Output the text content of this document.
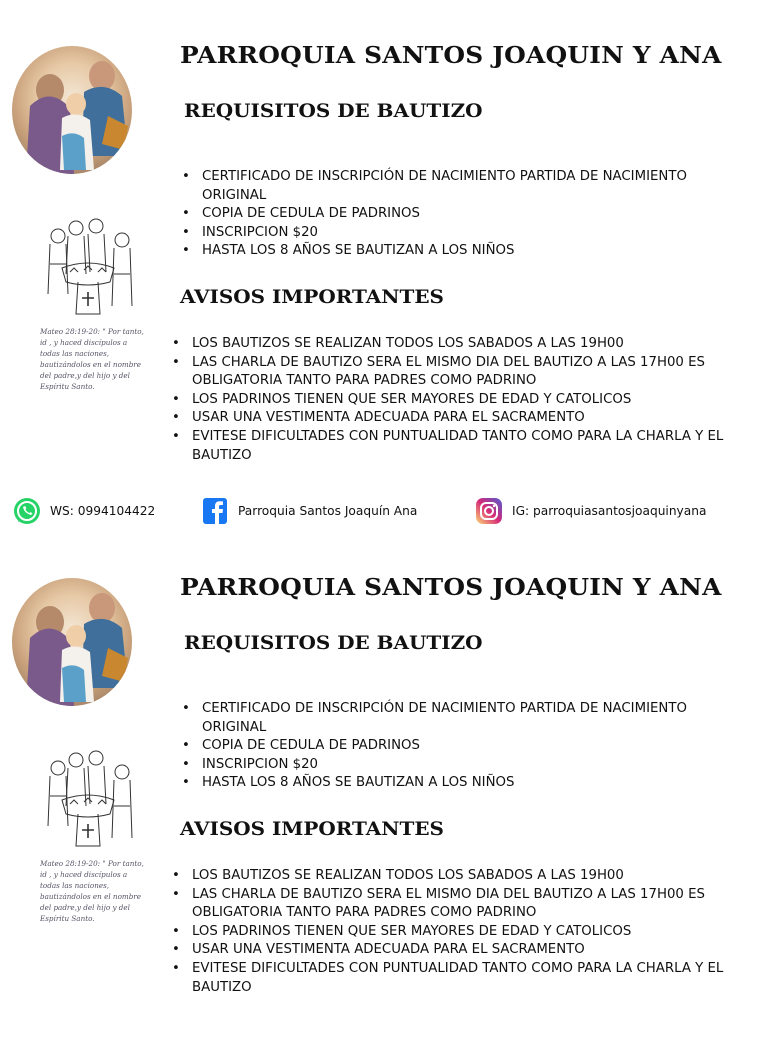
Mateo 28:19-20: " Por tanto, id , y haced discípulos a todas las naciones, bautizándolos en el nombre del padre,y del hijo y del Espíritu Santo.
PARROQUIA SANTOS JOAQUIN Y ANA
REQUISITOS DE BAUTIZO
• CERTIFICADO DE INSCRIPCIÓN DE NACIMIENTO PARTIDA DE NACIMIENTO ORIGINAL
• COPIA DE CEDULA DE PADRINOS
• INSCRIPCION $20
• HASTA LOS 8 AÑOS SE BAUTIZAN A LOS NIÑOS
AVISOS IMPORTANTES
• LOS BAUTIZOS SE REALIZAN TODOS LOS SABADOS A LAS 19H00
• LAS CHARLA DE BAUTIZO SERA EL MISMO DIA DEL BAUTIZO A LAS 17H00 ES OBLIGATORIA TANTO PARA PADRES COMO PADRINO
• LOS PADRINOS TIENEN QUE SER MAYORES DE EDAD Y CATOLICOS
• USAR UNA VESTIMENTA ADECUADA PARA EL SACRAMENTO
• EVITESE DIFICULTADES CON PUNTUALIDAD TANTO COMO PARA LA CHARLA Y EL BAUTIZO
WS: 0994104422	Parroquia Santos Joaquín Ana	IG: parroquiasantosjoaquinyana
Mateo 28:19-20: " Por tanto, id , y haced discípulos a todas las naciones, bautizándolos en el nombre del padre,y del hijo y del Espíritu Santo.
PARROQUIA SANTOS JOAQUIN Y ANA
REQUISITOS DE BAUTIZO
• CERTIFICADO DE INSCRIPCIÓN DE NACIMIENTO PARTIDA DE NACIMIENTO ORIGINAL
• COPIA DE CEDULA DE PADRINOS
• INSCRIPCION $20
• HASTA LOS 8 AÑOS SE BAUTIZAN A LOS NIÑOS
AVISOS IMPORTANTES
• LOS BAUTIZOS SE REALIZAN TODOS LOS SABADOS A LAS 19H00
• LAS CHARLA DE BAUTIZO SERA EL MISMO DIA DEL BAUTIZO A LAS 17H00 ES OBLIGATORIA TANTO PARA PADRES COMO PADRINO
• LOS PADRINOS TIENEN QUE SER MAYORES DE EDAD Y CATOLICOS
• USAR UNA VESTIMENTA ADECUADA PARA EL SACRAMENTO
• EVITESE DIFICULTADES CON PUNTUALIDAD TANTO COMO PARA LA CHARLA Y EL BAUTIZO
